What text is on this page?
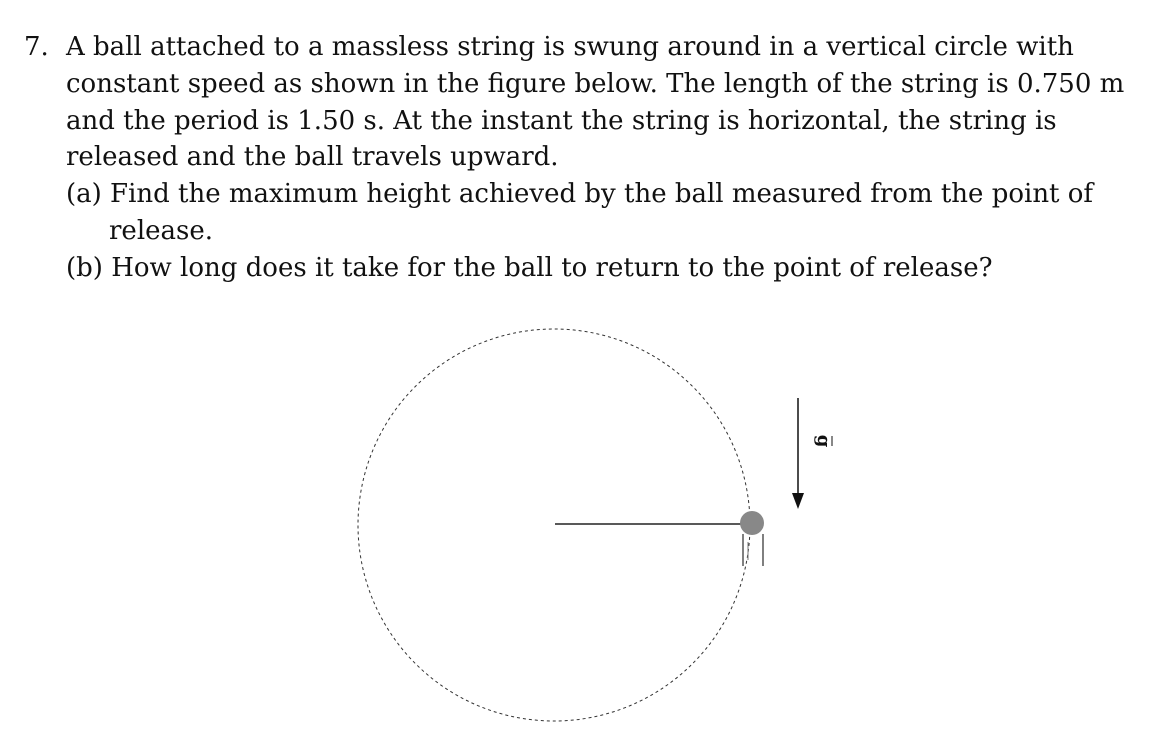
7. A ball attached to a massless string is swung around in a vertical circle with
constant speed as shown in the figure below. The length of the string is 0.750 m
and the period is 1.50 s. At the instant the string is horizontal, the string is
released and the ball travels upward.
(a) Find the maximum height achieved by the ball measured from the point of
release.
(b) How long does it take for the ball to return to the point of release?
g
